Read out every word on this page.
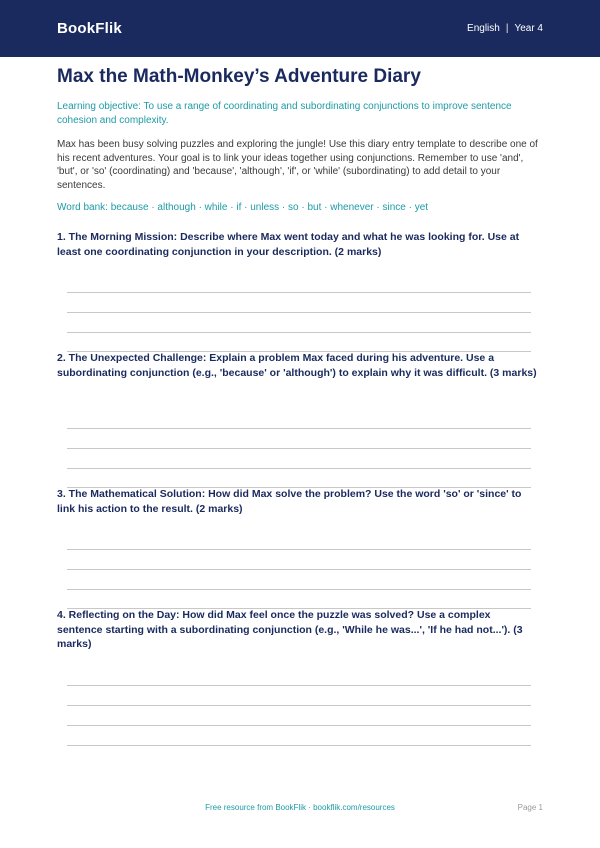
BookFlik	English | Year 4
Max the Math-Monkey’s Adventure Diary

Learning objective: To use a range of coordinating and subordinating conjunctions to improve sentence cohesion and complexity.

Max has been busy solving puzzles and exploring the jungle! Use this diary entry template to describe one of his recent adventures. Your goal is to link your ideas together using conjunctions. Remember to use 'and', 'but', or 'so' (coordinating) and 'because', 'although', 'if', or 'while' (subordinating) to add detail to your sentences.

Word bank: because · although · while · if · unless · so · but · whenever · since · yet

1. The Morning Mission: Describe where Max went today and what he was looking for. Use at least one coordinating conjunction in your description. (2 marks)
2. The Unexpected Challenge: Explain a problem Max faced during his adventure. Use a subordinating conjunction (e.g., 'because' or 'although') to explain why it was difficult. (3 marks)
3. The Mathematical Solution: How did Max solve the problem? Use the word 'so' or 'since' to link his action to the result. (2 marks)
4. Reflecting on the Day: How did Max feel once the puzzle was solved? Use a complex sentence starting with a subordinating conjunction (e.g., 'While he was...', 'If he had not...'). (3 marks)
Free resource from BookFlik · bookflik.com/resources	Page 1
